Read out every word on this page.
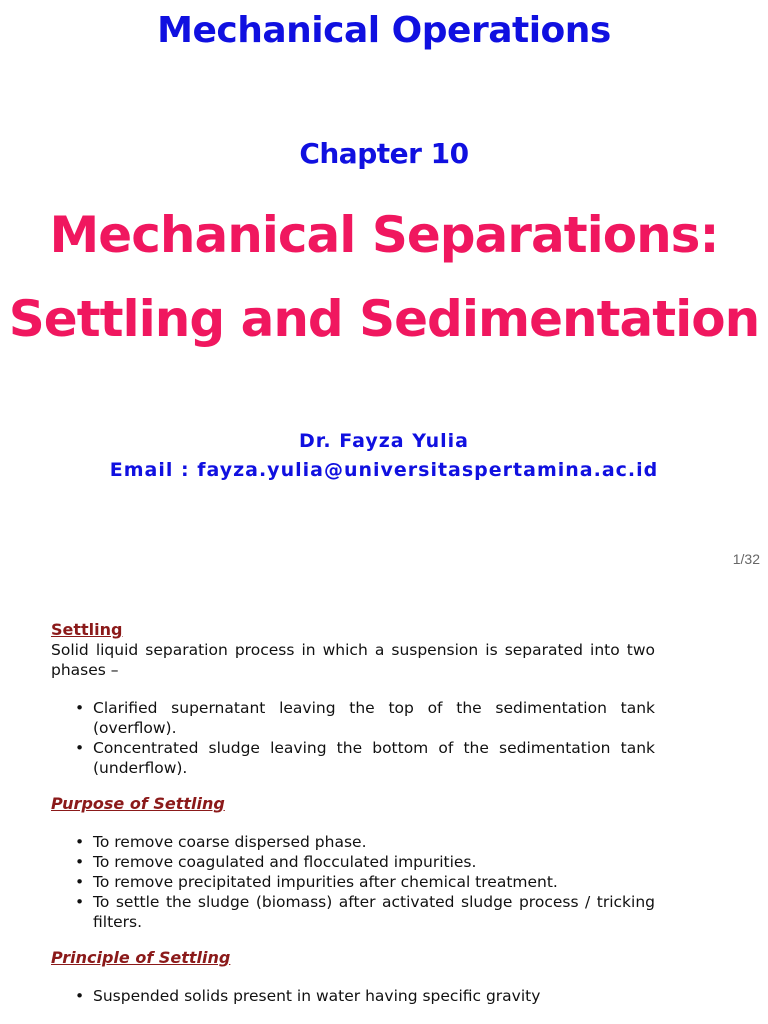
Mechanical Operations
Chapter 10
Mechanical Separations:
Settling and Sedimentation
Dr. Fayza Yulia
Email : fayza.yulia@universitaspertamina.ac.id
1/32
Settling

Solid liquid separation process in which a suspension is separated into two phases –

• Clarified supernatant leaving the top of the sedimentation tank (overflow).
• Concentrated sludge leaving the bottom of the sedimentation tank (underflow).
Purpose of Settling
• To remove coarse dispersed phase.
• To remove coagulated and flocculated impurities.
• To remove precipitated impurities after chemical treatment.
• To settle the sludge (biomass) after activated sludge process / tricking filters.
Principle of Settling
• Suspended solids present in water having specific gravity
